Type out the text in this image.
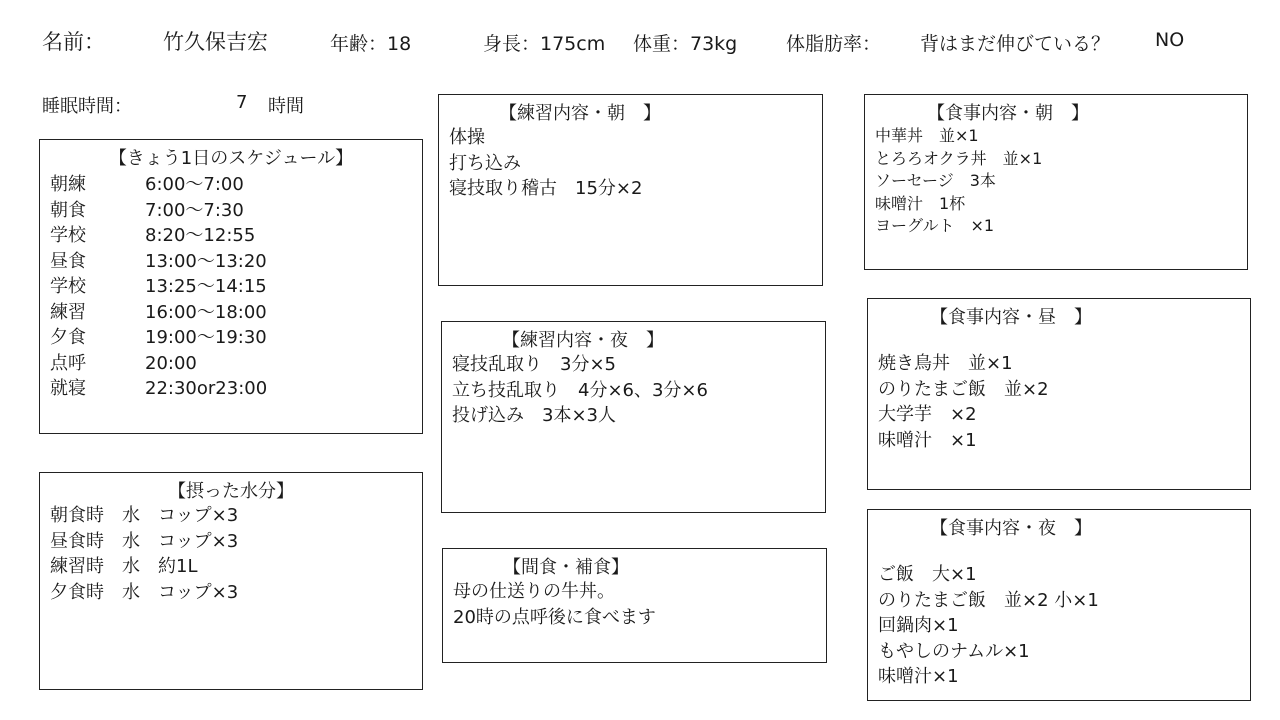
名前：	竹久保吉宏	年齢：18	身長：175cm 体重：73kg	体脂肪率： 背はまだ伸びている？ NO
睡眠時間：	7 時間
【きょう1日のスケジュール】
朝練	6:00～7:00
朝食	7:00～7:30
学校	8:20～12:55
昼食	13:00～13:20
学校	13:25～14:15
練習	16:00～18:00
夕食	19:00～19:30
点呼	20:00
就寝	22:30or23:00
【摂った水分】
朝食時　水　コップ×3
昼食時　水　コップ×3
練習時　水　約1L
夕食時　水　コップ×3
【練習内容・朝　】
体操
打ち込み
寝技取り稽古　15分×2
【練習内容・夜　】
寝技乱取り　3分×5
立ち技乱取り　4分×6、3分×6
投げ込み　3本×3人
【間食・補食】
母の仕送りの牛丼。
20時の点呼後に食べます
【食事内容・朝　】
中華丼　並×1
とろろオクラ丼　並×1
ソーセージ　3本
味噌汁　1杯
ヨーグルト　×1
【食事内容・昼　】
焼き鳥丼　並×1
のりたまご飯　並×2
大学芋　×2
味噌汁　×1
【食事内容・夜　】
ご飯　大×1
のりたまご飯　並×2 小×1
回鍋肉×1
もやしのナムル×1
味噌汁×1
